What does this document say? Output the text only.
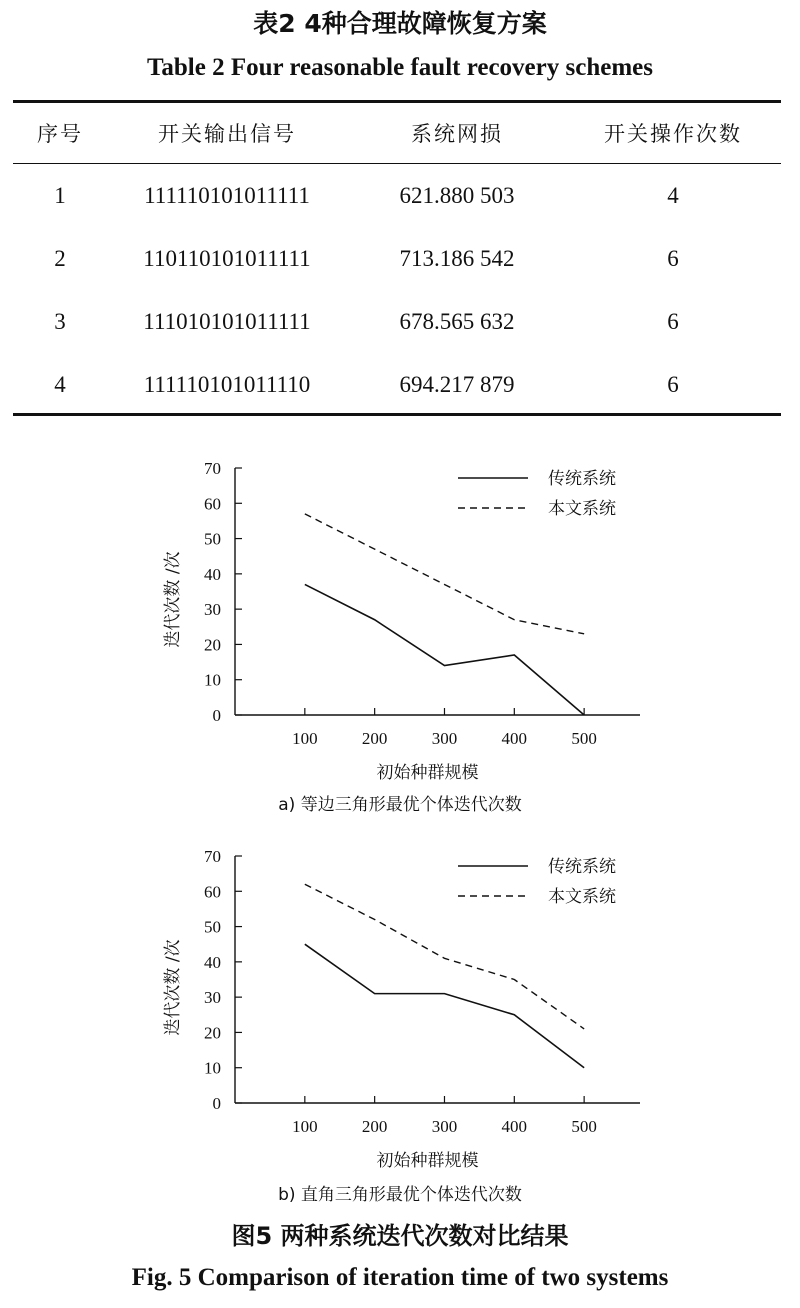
表2 4种合理故障恢复方案
Table 2 Four reasonable fault recovery schemes
序号	开关输出信号	系统网损	开关操作次数
1	111110101011111	621.880 503	4
2	110110101011111	713.186 542	6
3	111010101011111	678.565 632	6
4	111110101011110	694.217 879	6
0
10
20
30
40
50
60
70
100	200	300	400	500
初始种群规模
迭代次数 /次
传统系统
本文系统
a) 等边三角形最优个体迭代次数
0
10
20
30
40
50
60
70
100	200	300	400	500
初始种群规模
迭代次数 /次
传统系统
本文系统
b) 直角三角形最优个体迭代次数
图5 两种系统迭代次数对比结果
Fig. 5 Comparison of iteration time of two systems
